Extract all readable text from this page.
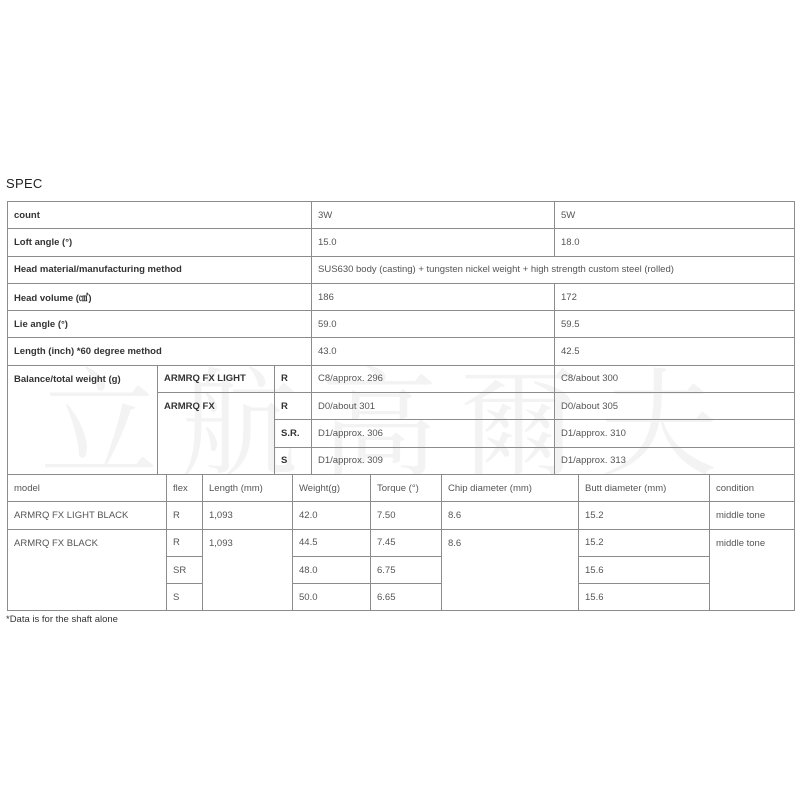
SPEC
count			3W	5W
Loft angle (°)			15.0	18.0
Head material/manufacturing method			SUS630 body (casting) + tungsten nickel weight + high strength custom steel (rolled)	
Head volume (㎤)			186	172
Lie angle (°)			59.0	59.5
Length (inch) *60 degree method			43.0	42.5
Balance/total weight (g)	ARMRQ FX LIGHT	R	C8/approx. 296	C8/about 300
	ARMRQ FX	R	D0/about 301	D0/about 305
		S.R.	D1/approx. 306	D1/approx. 310
		S	D1/approx. 309	D1/approx. 313
model	flex	Length (mm)	Weight(g)	Torque (°)	Chip diameter (mm)	Butt diameter (mm)	condition
ARMRQ FX LIGHT BLACK	R	1,093	42.0	7.50	8.6	15.2	middle tone
ARMRQ FX BLACK	R	1,093	44.5	7.45	8.6	15.2	middle tone
	SR		48.0	6.75		15.6	
	S		50.0	6.65		15.6	
*Data is for the shaft alone
